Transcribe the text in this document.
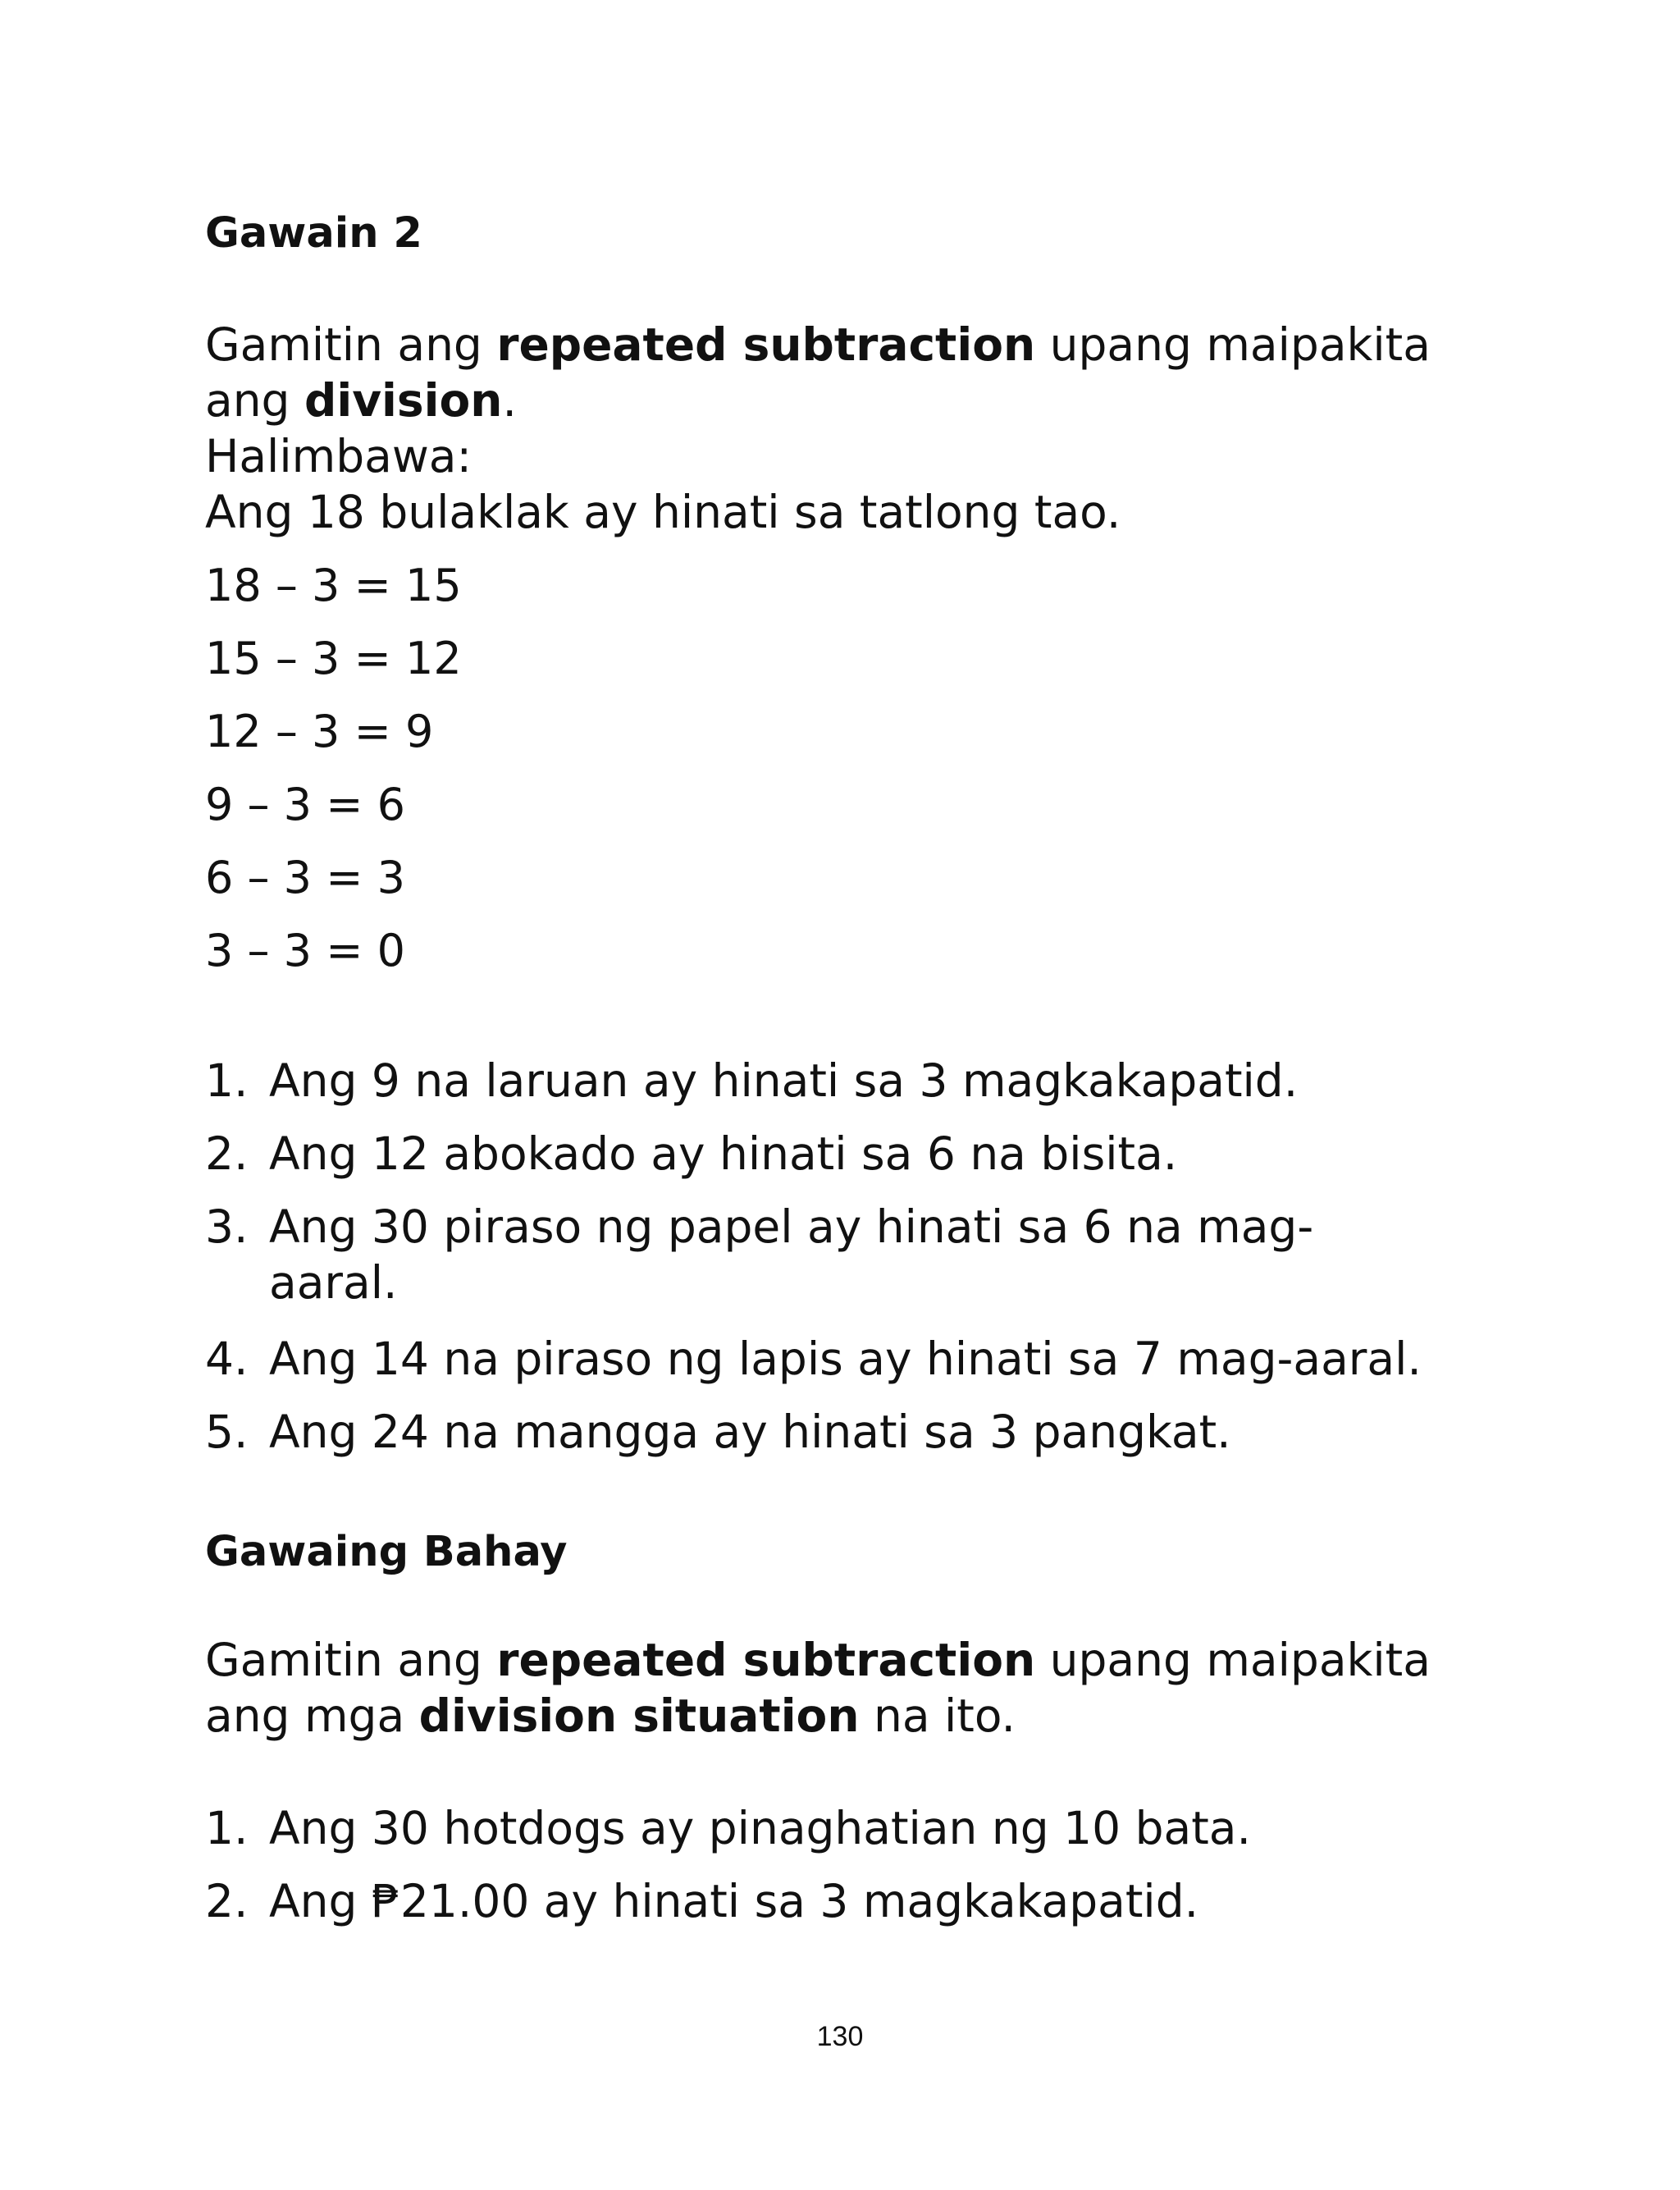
Gawain 2

Gamitin ang repeated subtraction upang maipakita

ang division.

Halimbawa:

Ang 18 bulaklak ay hinati sa tatlong tao.

18 – 3 = 15

15 – 3 = 12

12 – 3 = 9

9 – 3 = 6

6 – 3 = 3

3 – 3 = 0

1. Ang 9 na laruan ay hinati sa 3 magkakapatid.
2. Ang 12 abokado ay hinati sa 6 na bisita.
3. Ang 30 piraso ng papel ay hinati sa 6 na mag-aaral.
4. Ang 14 na piraso ng lapis ay hinati sa 7 mag-aaral.
5. Ang 24 na mangga ay hinati sa 3 pangkat.
Gawaing Bahay

Gamitin ang repeated subtraction upang maipakita

ang mga division situation na ito.

1. Ang 30 hotdogs ay pinaghatian ng 10 bata.
2. Ang ₱21.00 ay hinati sa 3 magkakapatid.

130
